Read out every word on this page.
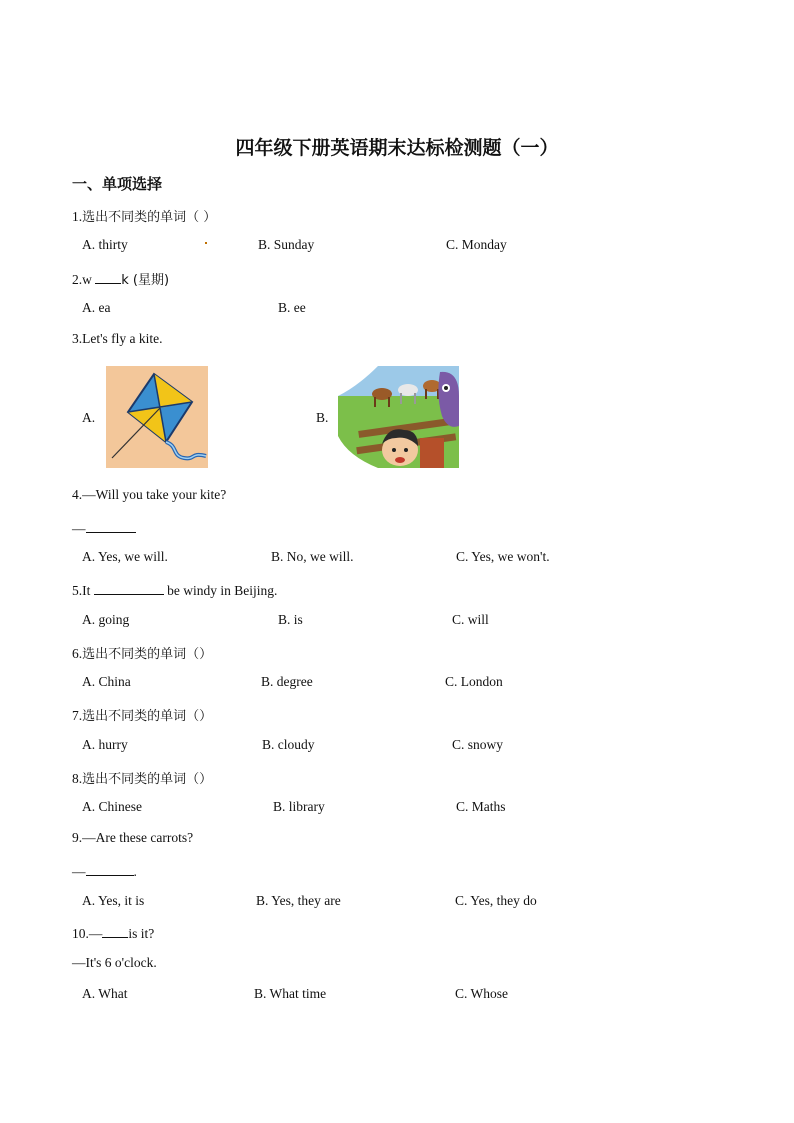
四年级下册英语期末达标检测题（一）
一、单项选择
1.选出不同类的单词（ ）
A. thirty	B. Sunday	C. Monday
2.w k (星期)
A. ea	B. ee
3.Let's fly a kite.
A.	B.
4.—Will you take your kite?
—
A. Yes, we will.	B. No, we will.	C. Yes, we won't.
5.It	be windy in Beijing.
A. going	B. is	C. will
6.选出不同类的单词（）
A. China	B. degree	C. London
7.选出不同类的单词（）
A. hurry	B. cloudy	C. snowy
8.选出不同类的单词（）
A. Chinese	B. library	C. Maths
9.—Are these carrots?
—	.
A. Yes, it is	B. Yes, they are	C. Yes, they do
10.— is it?
—It's 6 o'clock.
A. What	B. What time	C. Whose
